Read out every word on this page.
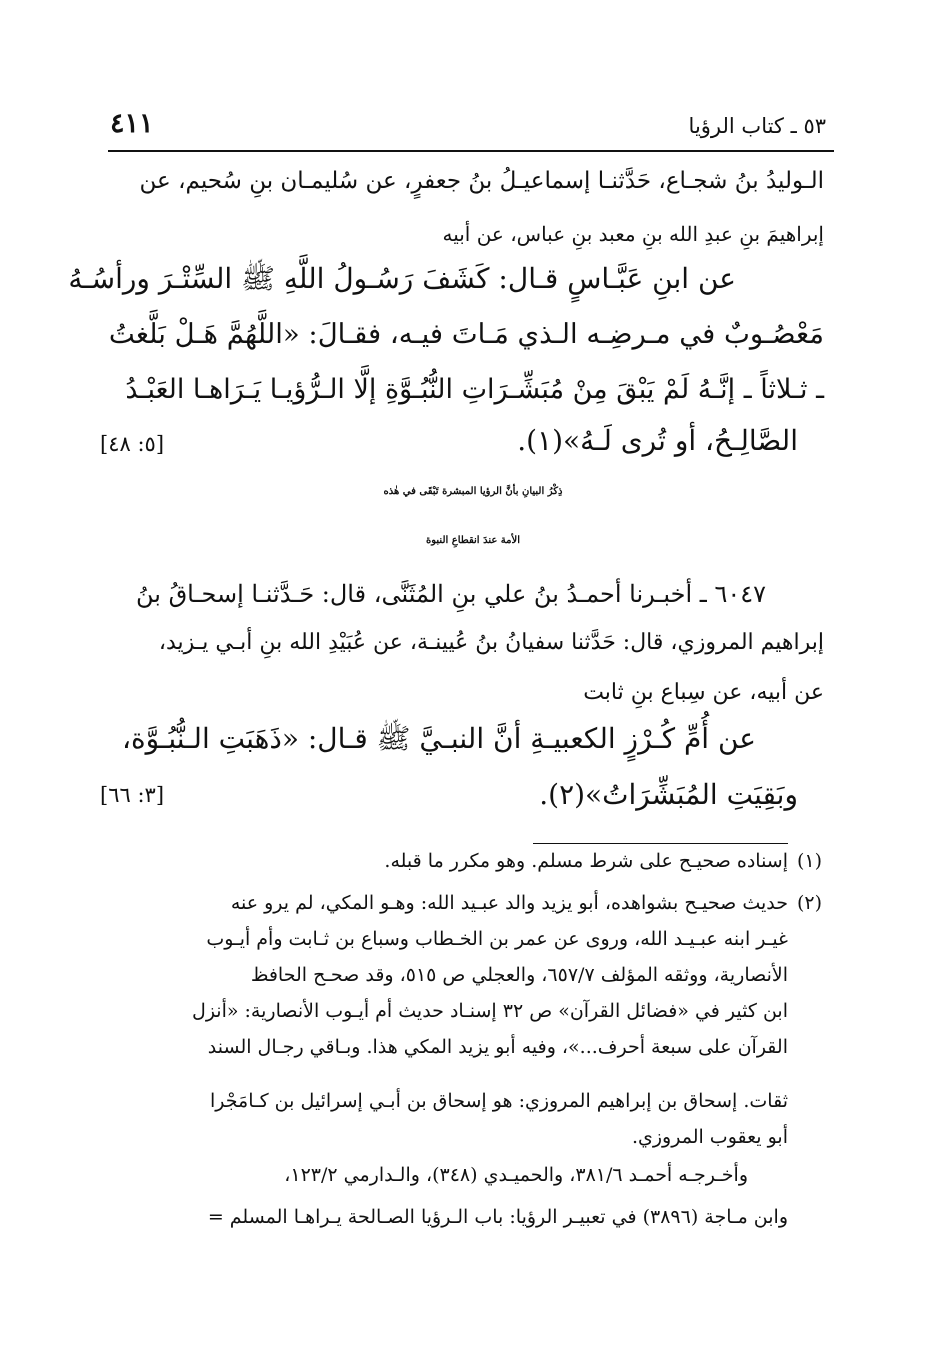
٥٣ ـ كتاب الرؤيا
٤١١
الـوليدُ بنُ شجـاع، حَدَّثنـا إسماعيـلُ بنُ جعفرٍ، عن سُليمـان بنِ سُحيم، عن
إبراهيمَ بنِ عبدِ الله بنِ معبد بنِ عباس، عن أبيه
عن ابنِ عَبَّـاسٍ قـال: كَشَفَ رَسُـولُ اللَّهِ ﷺ السِّتْـرَ ورأسُـهُ
مَعْصُـوبٌ في مـرضِـه الـذي مَـاتَ فيـه، فقـالَ: «اللَّهُمَّ هَـلْ بَلَّغتُ
ـ ثـلاثاً ـ إنَّـهُ لَمْ يَبْقَ مِنْ مُبَشِّـرَاتِ النُّبُـوَّةِ إلَّا الـرُّؤيـا يَـرَاهـا العَبْـدُ
الصَّالِـحُ، أو تُرى لَـهُ»(١).
[٥: ٤٨]
ذِكْرُ البيانِ بأنَّ الرؤيا المبشرة تَبْقَى في هٰذه
الأمة عندَ انقطاعِ النبوة
٦٠٤٧ ـ أخبـرنا أحمـدُ بنُ علي بنِ المُثَنَّى، قال: حَـدَّثنـا إسحـاقُ بنُ
إبراهيم المروزي، قال: حَدَّثنا سفيانُ بنُ عُيينـة، عن عُبَيْدِ الله بنِ أبـي يـزيد،
عن أبيه، عن سِباع بنِ ثابت
عن أُمِّ كُـرْزٍ الكعبيـةِ أنَّ النبـيَّ ﷺ قـال: «ذَهَبَتِ الـنُّبُـوَّة،
وبَقِيَتِ المُبَشِّرَاتُ»(٢).
[٣: ٦٦]
(١)
إسناده صحيـح على شرط مسلم. وهو مكرر ما قبله.
(٢)
حديث صحيـح بشواهده، أبو يزيد والد عبـيد الله: وهـو المكي، لم يرو عنه
غيـر ابنه عبـيـد الله، وروى عن عمر بن الخـطاب وسباع بن ثـابت وأم أيـوب
الأنصارية، ووثقه المؤلف ٦٥٧/٧، والعجلي ص ٥١٥، وقد صحـح الحافظ
ابن كثير في «فضائل القرآن» ص ٣٢ إسنـاد حديث أم أيـوب الأنصارية: «أنزل
القرآن على سبعة أحرف...»، وفيه أبو يزيد المكي هذا. وبـاقي رجـال السند
ثقات. إسحاق بن إبراهيم المروزي: هو إسحاق بن أبـي إسرائيل بن كـامَجْرا
أبو يعقوب المروزي.
وأخـرجـه أحمـد ٣٨١/٦، والحميـدي (٣٤٨)، والـدارمي ١٢٣/٢،
وابن مـاجة (٣٨٩٦) في تعبيـر الرؤيا: باب الـرؤيا الصـالحة يـراهـا المسلم =
